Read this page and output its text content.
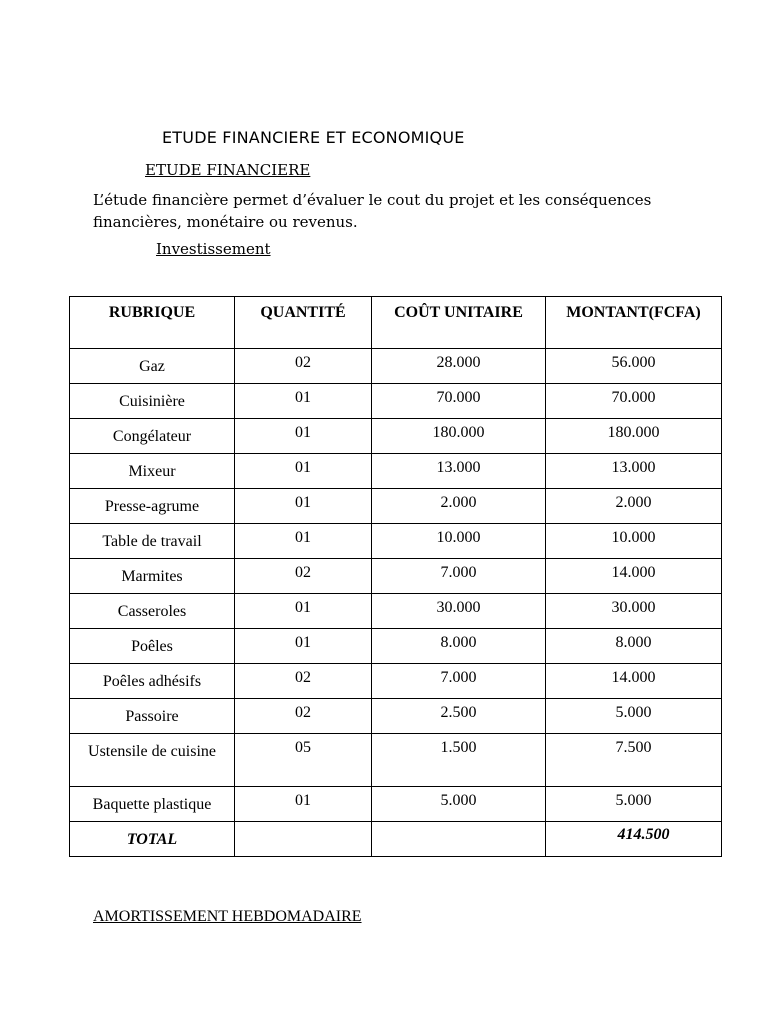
ETUDE FINANCIERE ET ECONOMIQUE
ETUDE FINANCIERE

L’étude financière permet d’évaluer le cout du projet et les conséquences financières, monétaire ou revenus.

Investissement
RUBRIQUE	QUANTITÉ	COÛT UNITAIRE	MONTANT(FCFA)
Gaz	02	28.000	56.000
Cuisinière	01	70.000	70.000
Congélateur	01	180.000	180.000
Mixeur	01	13.000	13.000
Presse-agrume	01	2.000	2.000
Table de travail	01	10.000	10.000
Marmites	02	7.000	14.000
Casseroles	01	30.000	30.000
Poêles	01	8.000	8.000
Poêles adhésifs	02	7.000	14.000
Passoire	02	2.500	5.000
Ustensile de cuisine	05	1.500	7.500
Baquette plastique	01	5.000	5.000
TOTAL			414.500
AMORTISSEMENT HEBDOMADAIRE
